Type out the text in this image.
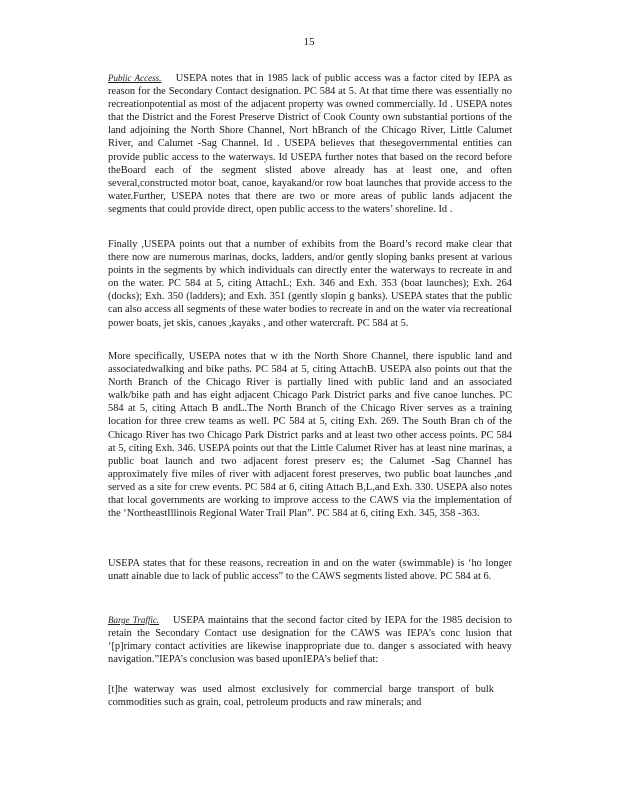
15

Public Access. USEPA notes that in 1985 lack of public access was a factor cited by IEPA as reason for the Secondary Contact designation. PC 584 at 5. At that time there was essentially no recreationpotential as most of the adjacent property was owned commercially. Id . USEPA notes that the District and the Forest Preserve District of Cook County own substantial portions of the land adjoining the North Shore Channel, Nort hBranch of the Chicago River, Little Calumet River, and Calumet -Sag Channel. Id . USEPA believes that thesegovernmental entities can provide public access to the waterways. Id USEPA further notes that based on the record before theBoard each of the segment slisted above already has at least one, and often several,constructed motor boat, canoe, kayakand/or row boat launches that provide access to the water.Further, USEPA notes that there are two or more areas of public lands adjacent the segments that could provide direct, open public access to the waters’ shoreline. Id .

Finally ,USEPA points out that a number of exhibits from the Board’s record make clear that there now are numerous marinas, docks, ladders, and/or gently sloping banks present at various points in the segments by which individuals can directly enter the waterways to recreate in and on the water. PC 584 at 5, citing AttachL; Exh. 346 and Exh. 353 (boat launches); Exh. 264 (docks); Exh. 350 (ladders); and Exh. 351 (gently slopin g banks). USEPA states that the public can also access all segments of these water bodies to recreate in and on the water via recreational power boats, jet skis, canoes ,kayaks , and other watercraft. PC 584 at 5.

More specifically, USEPA notes that w ith the North Shore Channel, there ispublic land and associatedwalking and bike paths. PC 584 at 5, citing AttachB. USEPA also points out that the North Branch of the Chicago River is partially lined with public land and an associated walk/bike path and has eight adjacent Chicago Park District parks and five canoe lunches. PC 584 at 5, citing Attach B andL.The North Branch of the Chicago River serves as a training location for three crew teams as well. PC 584 at 5, citing Exh. 269. The South Bran ch of the Chicago River has two Chicago Park District parks and at least two other access points. PC 584 at 5, citing Exh. 346. USEPA points out that the Little Calumet River has at least nine marinas, a public boat launch and two adjacent forest preserv es; the Calumet -Sag Channel has approximately five miles of river with adjacent forest preserves, two public boat launches ,and served as a site for crew events. PC 584 at 6, citing Attach B,L,and Exh. 330. USEPA also notes that local governments are working to improve access to the CAWS via the implementation of the ‘NortheastIllinois Regional Water Trail Plan”. PC 584 at 6, citing Exh. 345, 358 -363.

USEPA states that for these reasons, recreation in and on the water (swimmable) is ‘ho longer unatt ainable due to lack of public access” to the CAWS segments listed above. PC 584 at 6.

Barge Traffic. USEPA maintains that the second factor cited by IEPA for the 1985 decision to retain the Secondary Contact use designation for the CAWS was IEPA’s conc lusion that ‘[p]rimary contact activities are likewise inappropriate due to. danger s associated with heavy navigation.”IEPA’s conclusion was based uponIEPA’s belief that:

[t]he waterway was used almost exclusively for commercial barge transport of bulk commodities such as grain, coal, petroleum products and raw minerals; and
